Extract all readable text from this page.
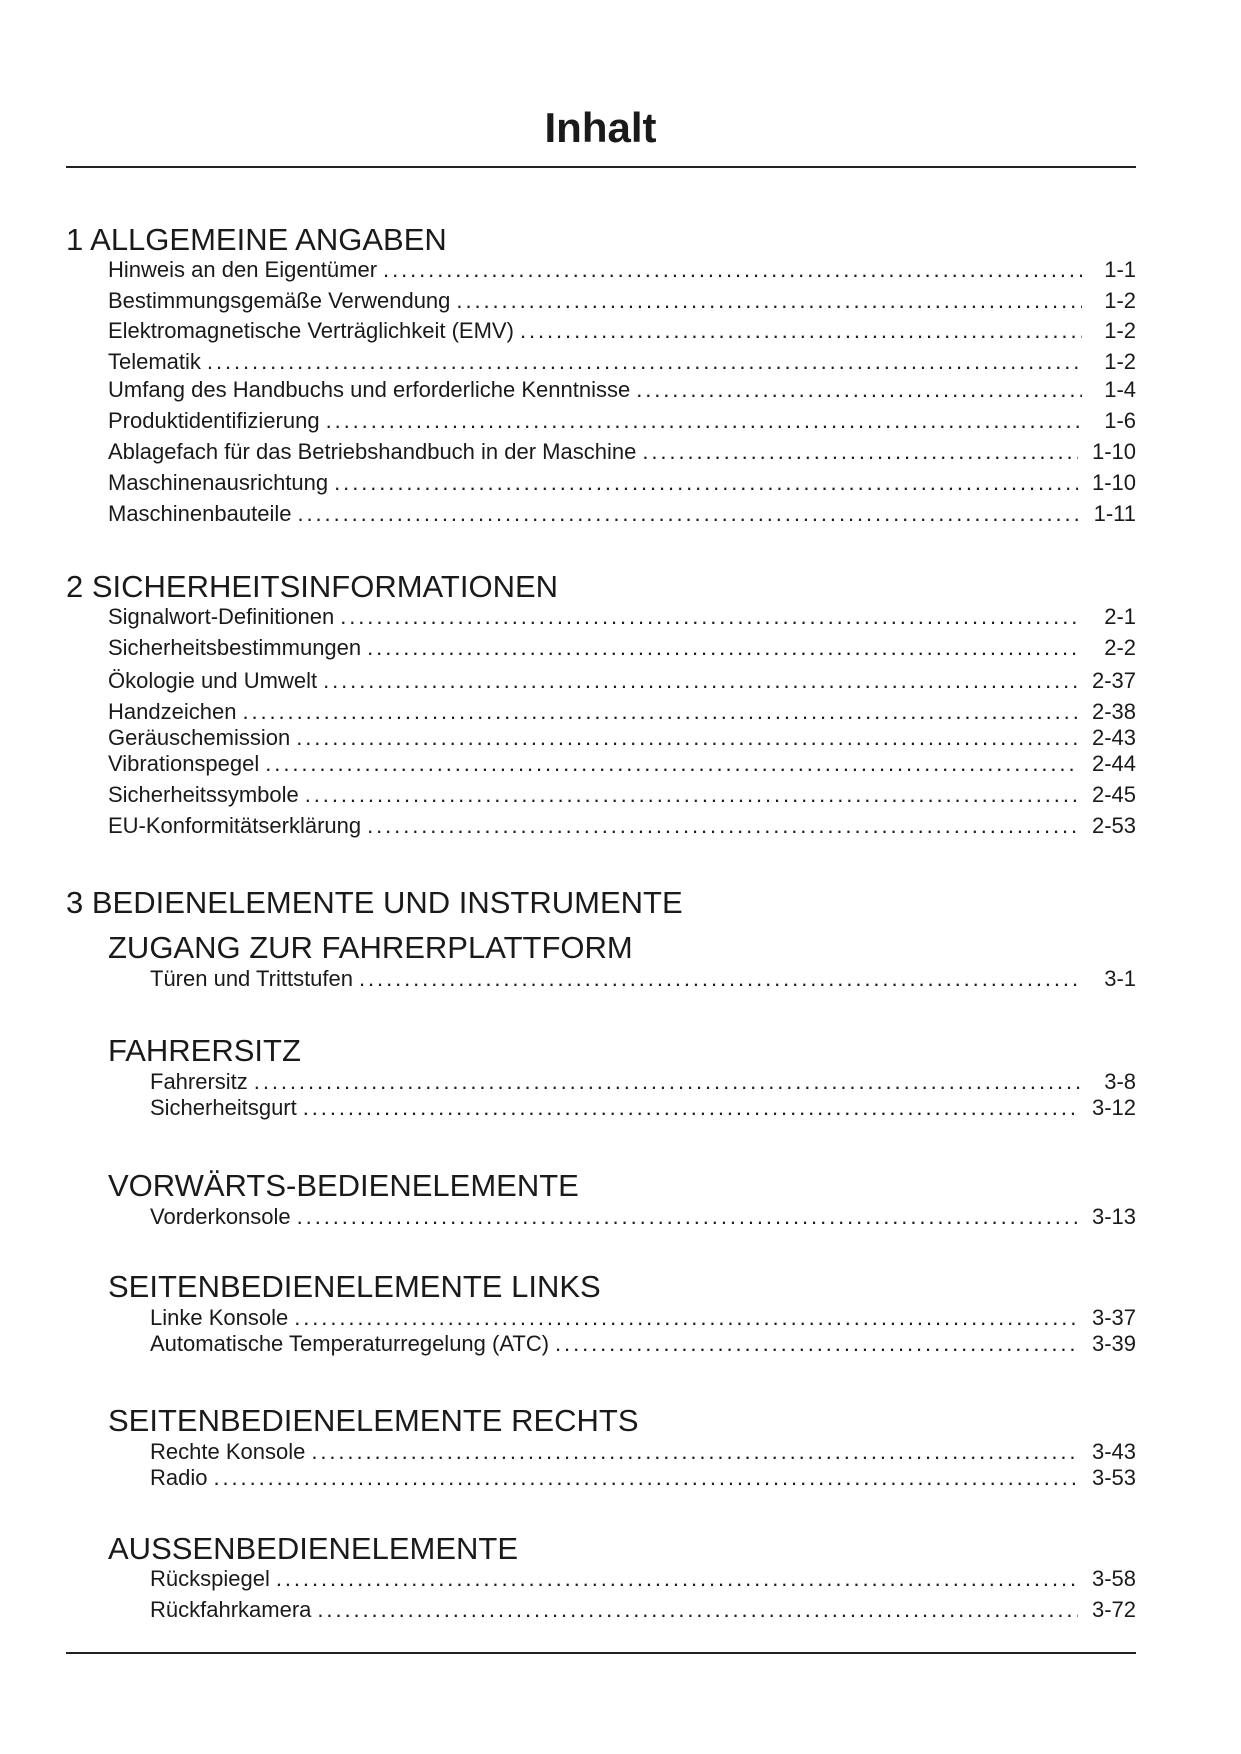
Inhalt
1 ALLGEMEINE ANGABEN
Hinweis an den Eigentümer . . .	1-1
Bestimmungsgemäße Verwendung . . .	1-2
Elektromagnetische Verträglichkeit (EMV) . . .	1-2
Telematik . . .	1-2
Umfang des Handbuchs und erforderliche Kenntnisse . . .	1-4
Produktidentifizierung . . .	1-6
Ablagefach für das Betriebshandbuch in der Maschine . . .	1-10
Maschinenausrichtung . . .	1-10
Maschinenbauteile . . .	1-11
2 SICHERHEITSINFORMATIONEN
Signalwort-Definitionen . . .	2-1
Sicherheitsbestimmungen . . .	2-2
Ökologie und Umwelt . . .	2-37
Handzeichen . . .	2-38
Geräuschemission . . .	2-43
Vibrationspegel . . .	2-44
Sicherheitssymbole . . .	2-45
EU-Konformitätserklärung . . .	2-53
3 BEDIENELEMENTE UND INSTRUMENTE
ZUGANG ZUR FAHRERPLATTFORM
Türen und Trittstufen . . .	3-1
FAHRERSITZ
Fahrersitz . . .	3-8
Sicherheitsgurt . . .	3-12
VORWÄRTS-BEDIENELEMENTE
Vorderkonsole . . .	3-13
SEITENBEDIENELEMENTE LINKS
Linke Konsole . . .	3-37
Automatische Temperaturregelung (ATC) . . .	3-39
SEITENBEDIENELEMENTE RECHTS
Rechte Konsole . . .	3-43
Radio . . .	3-53
AUSSENBEDIENELEMENTE
Rückspiegel . . .	3-58
Rückfahrkamera . . .	3-72
